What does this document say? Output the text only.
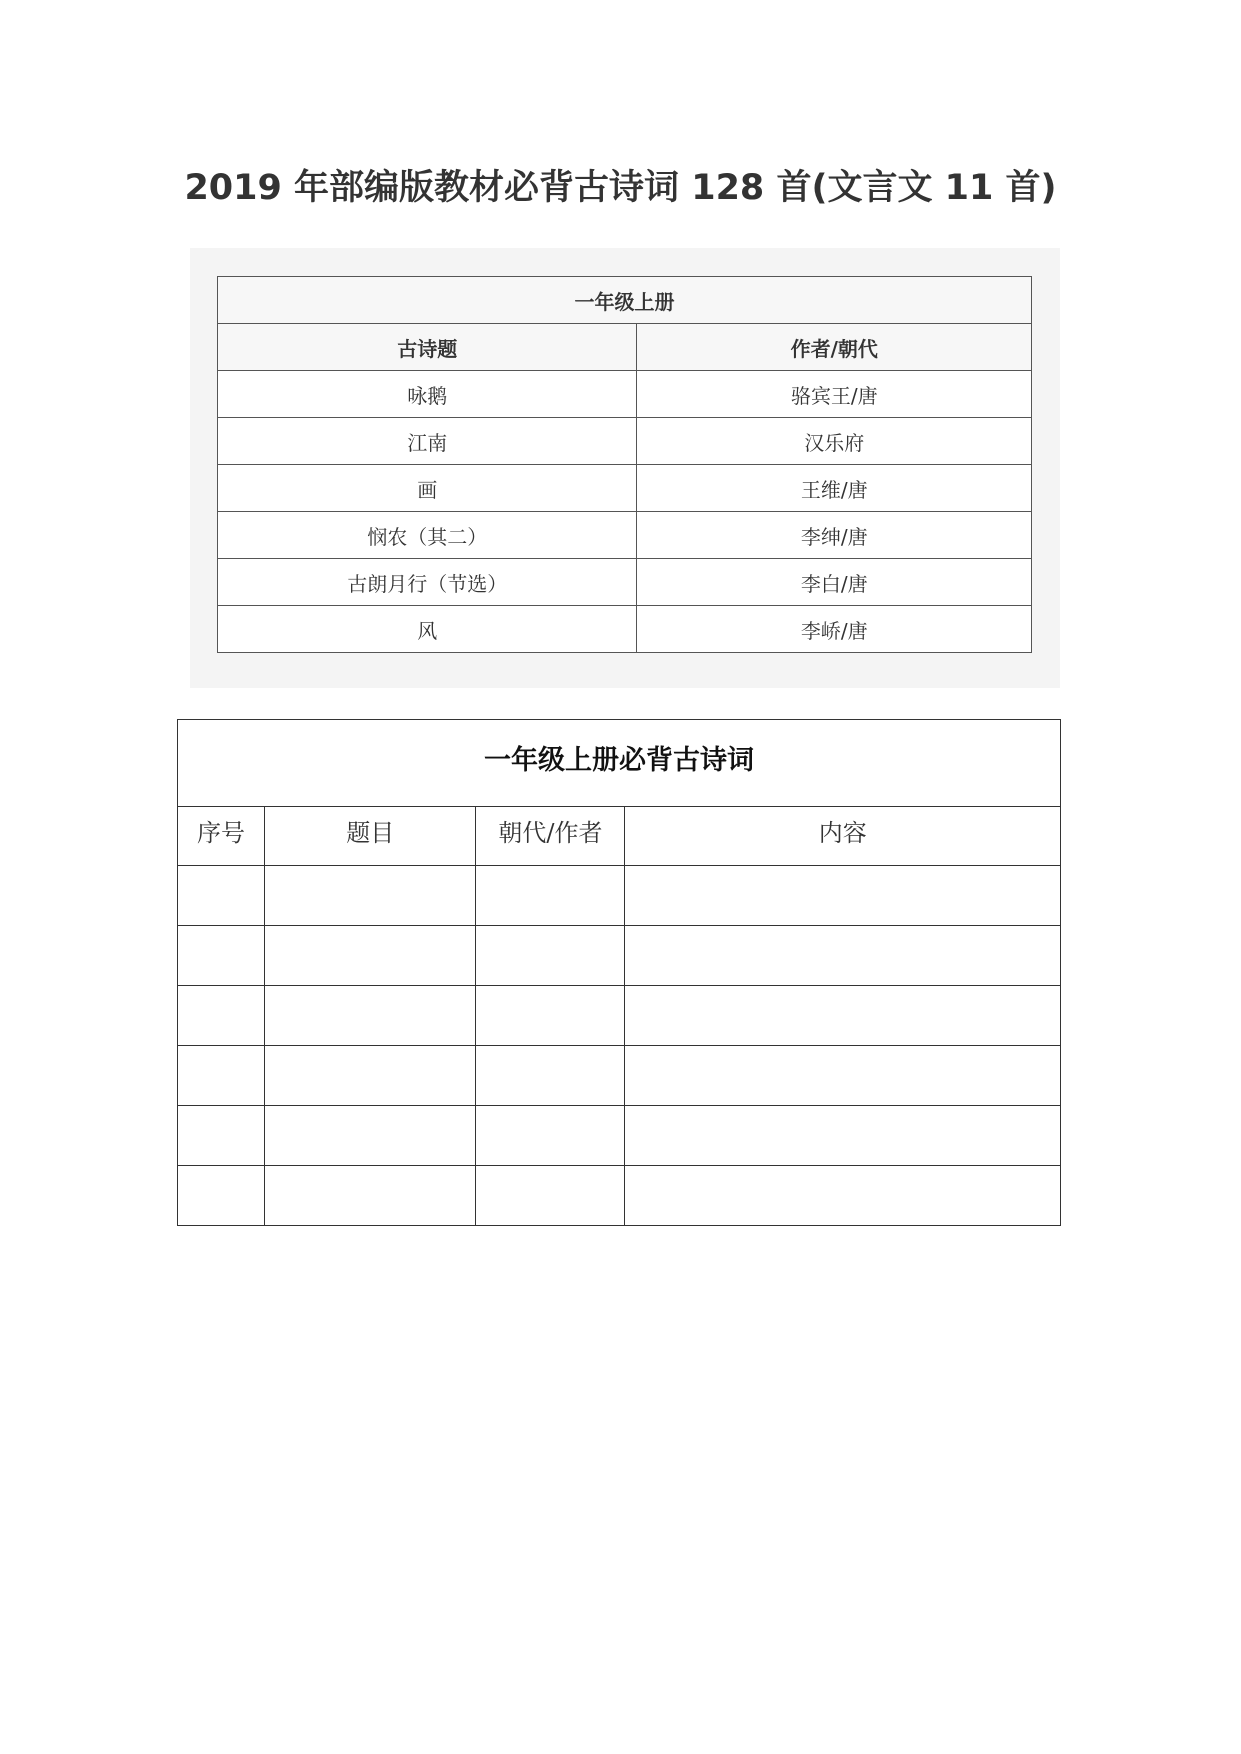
2019 年部编版教材必背古诗词 128 首(文言文 11 首)
一年级上册	
古诗题	作者/朝代
咏鹅	骆宾王/唐
江南	汉乐府
画	王维/唐
悯农（其二）	李绅/唐
古朗月行（节选）	李白/唐
风	李峤/唐
一年级上册必背古诗词			
序号	题目	朝代/作者	内容
